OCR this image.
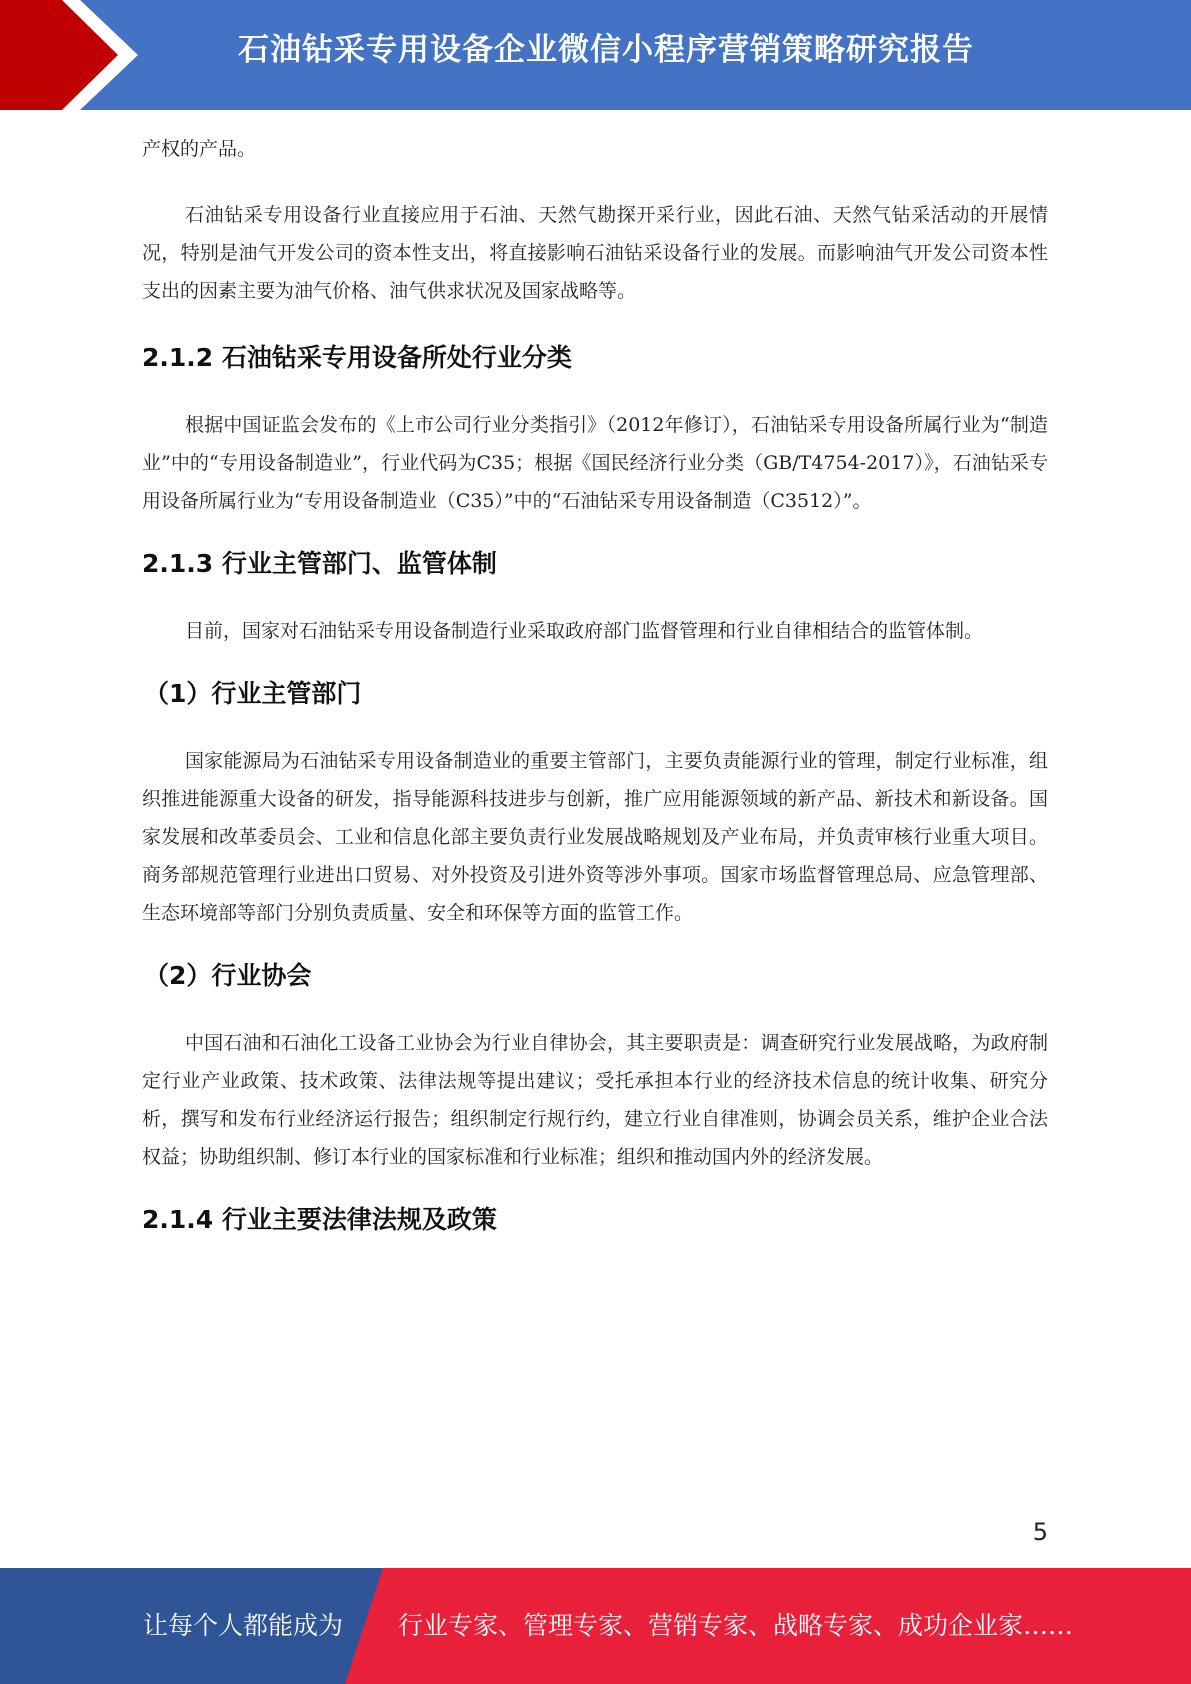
石油钻采专用设备企业微信小程序营销策略研究报告

产权的产品。

石油钻采专用设备行业直接应用于石油、天然气勘探开采行业，因此石油、天然气钻采活动的开展情况，特别是油气开发公司的资本性支出，将直接影响石油钻采设备行业的发展。而影响油气开发公司资本性支出的因素主要为油气价格、油气供求状况及国家战略等。

2.1.2 石油钻采专用设备所处行业分类

根据中国证监会发布的《上市公司行业分类指引》（2012年修订），石油钻采专用设备所属行业为“制造业”中的“专用设备制造业”，行业代码为C35；根据《国民经济行业分类（GB/T4754-2017）》，石油钻采专用设备所属行业为“专用设备制造业（C35）”中的“石油钻采专用设备制造（C3512）”。

2.1.3 行业主管部门、监管体制

目前，国家对石油钻采专用设备制造行业采取政府部门监督管理和行业自律相结合的监管体制。

（1）行业主管部门

国家能源局为石油钻采专用设备制造业的重要主管部门，主要负责能源行业的管理，制定行业标准，组织推进能源重大设备的研发，指导能源科技进步与创新，推广应用能源领域的新产品、新技术和新设备。国家发展和改革委员会、工业和信息化部主要负责行业发展战略规划及产业布局，并负责审核行业重大项目。商务部规范管理行业进出口贸易、对外投资及引进外资等涉外事项。国家市场监督管理总局、应急管理部、生态环境部等部门分别负责质量、安全和环保等方面的监管工作。

（2）行业协会

中国石油和石油化工设备工业协会为行业自律协会，其主要职责是：调查研究行业发展战略，为政府制定行业产业政策、技术政策、法律法规等提出建议；受托承担本行业的经济技术信息的统计收集、研究分析，撰写和发布行业经济运行报告；组织制定行规行约，建立行业自律准则，协调会员关系，维护企业合法权益；协助组织制、修订本行业的国家标准和行业标准；组织和推动国内外的经济发展。

2.1.4 行业主要法律法规及政策
5
让每个人都能成为 行业专家、管理专家、营销专家、战略专家、成功企业家……
